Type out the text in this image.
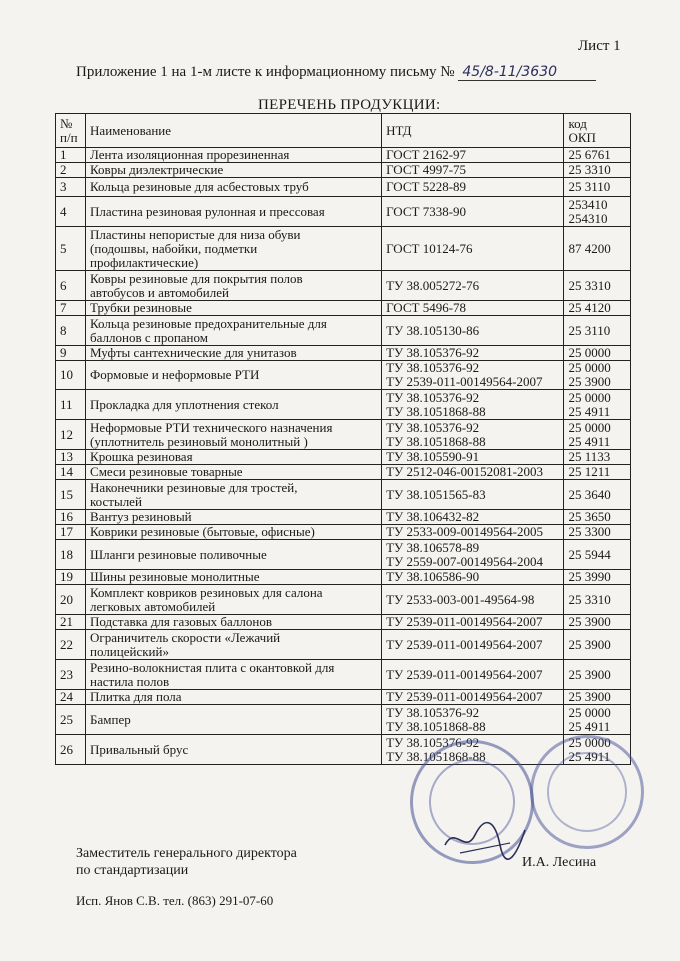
Лист 1
Приложение 1 на 1-м листе к информационному письму № 45/8-11/3630
ПЕРЕЧЕНЬ ПРОДУКЦИИ:
№
п/п	Наименование	НТД	код
ОКП
1	Лента изоляционная прорезиненная	ГОСТ 2162-97	25 6761
2	Ковры диэлектрические	ГОСТ 4997-75	25 3310
3	Кольца резиновые для асбестовых труб	ГОСТ 5228-89	25 3110
4	Пластина резиновая рулонная и прессовая	ГОСТ 7338-90	253410
254310
5	Пластины непористые для низа обуви
(подошвы, набойки, подметки
профилактические)	ГОСТ 10124-76	87 4200
6	Ковры резиновые для покрытия полов
автобусов и автомобилей	ТУ 38.005272-76	25 3310
7	Трубки резиновые	ГОСТ 5496-78	25 4120
8	Кольца резиновые предохранительные для
баллонов с пропаном	ТУ 38.105130-86	25 3110
9	Муфты сантехнические для унитазов	ТУ 38.105376-92	25 0000
10	Формовые и неформовые РТИ	ТУ 38.105376-92
ТУ 2539-011-00149564-2007	25 0000
25 3900
11	Прокладка для уплотнения стекол	ТУ 38.105376-92
ТУ 38.1051868-88	25 0000
25 4911
12	Неформовые РТИ технического назначения
(уплотнитель резиновый монолитный )	ТУ 38.105376-92
ТУ 38.1051868-88	25 0000
25 4911
13	Крошка резиновая	ТУ 38.105590-91	25 1133
14	Смеси резиновые товарные	ТУ 2512-046-00152081-2003	25 1211
15	Наконечники резиновые для тростей,
костылей	ТУ 38.1051565-83	25 3640
16	Вантуз резиновый	ТУ 38.106432-82	25 3650
17	Коврики резиновые (бытовые, офисные)	ТУ 2533-009-00149564-2005	25 3300
18	Шланги резиновые поливочные	ТУ 38.106578-89
ТУ 2559-007-00149564-2004	25 5944
19	Шины резиновые монолитные	ТУ 38.106586-90	25 3990
20	Комплект ковриков резиновых для салона
легковых автомобилей	ТУ 2533-003-001-49564-98	25 3310
21	Подставка для газовых баллонов	ТУ 2539-011-00149564-2007	25 3900
22	Ограничитель скорости «Лежачий
полицейский»	ТУ 2539-011-00149564-2007	25 3900
23	Резино-волокнистая плита с окантовкой для
настила полов	ТУ 2539-011-00149564-2007	25 3900
24	Плитка для пола	ТУ 2539-011-00149564-2007	25 3900
25	Бампер	ТУ 38.105376-92
ТУ 38.1051868-88	25 0000
25 4911
26	Привальный брус	ТУ 38.105376-92
ТУ 38.1051868-88	25 0000
25 4911
Заместитель генерального директора
по стандартизации
И.А. Лесина
Исп. Янов С.В. тел. (863) 291-07-60
